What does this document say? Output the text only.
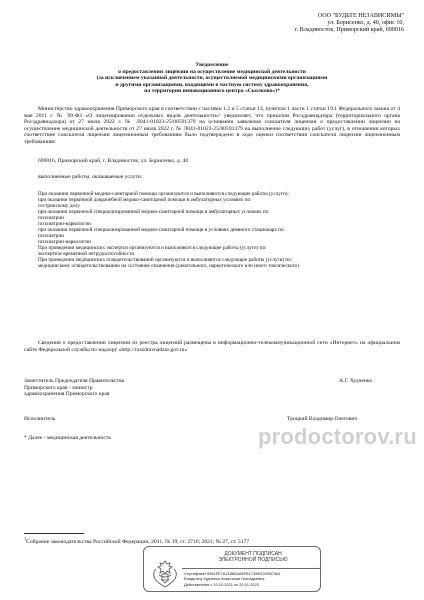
ООО "БУДЬТЕ НЕЗАВИСИМЫ"
ул. Борисенко, д. 40, офис 10,
г. Владивосток, Приморский край, 690016
Уведомление
о предоставлении лицензии на осуществление медицинской деятельности
(за исключением указанной деятельности, осуществляемой медицинскими организациями
и другими организациями, входящими в частную систему здравоохранения,
на территории инновационного центра «Сколково»)*
Министерство здравоохранения Приморского края в соответствии с частями 1.2 и 5 статьи 14, пунктом 1 части 1 статьи 19.1 Федерального закона от 4 мая 2011 г. № 99-ФЗ «О лицензировании отдельных видов деятельности»¹ уведомляет, что приказом Росздравнадзора (территориального органа Росздравнадзора) от 27 июля 2022 г. № Л041-01023-25/00591379 на основании заявления соискателя лицензии о предоставлении лицензии на осуществление медицинской деятельности от 27 июля 2022 г. № Л041-01023-25/00591379 на выполнение следующих работ (услуг), в отношении которых соответствие соискателя лицензии лицензионным требованиям было подтверждено в ходе оценки соответствия соискателя лицензии лицензионным требованиям:
690016, Приморский край, г. Владивосток, ул. Борисенко, д. 40
выполняемые работы, оказываемые услуги:
При оказании первичной медико-санитарной помощи организуются и выполняются следующие работы (услуги):
при оказании первичной доврачебной медико-санитарной помощи в амбулаторных условиях по:
сестринскому делу
при оказании первичной специализированной медико-санитарной помощи в амбулаторных условиях по:
психиатрии
психиатрии-наркологии
при оказании первичной специализированной медико-санитарной помощи в условиях дневного стационара по:
психиатрии
психиатрии-наркологии
При проведении медицинских экспертиз организуются и выполняются следующие работы (услуги) по:
экспертизе временной нетрудоспособности
При проведении медицинских освидетельствований организуются и выполняются следующие работы (услуги) по:
медицинскому освидетельствованию на состояние опьянения (алкогольного, наркотического или иного токсического)
Сведения о предоставлении лицензии из реестра лицензий размещены в информационно-телекоммуникационной сети «Интернет» на официальном сайте Федеральной службы по надзору «http://roszdravnadzor.gov.ru»
Заместитель Председателя Правительства
Приморского края - министр
здравоохранения Приморского края
А.Г. Худченко
Исполнитель	Троцкий Владимир Олегович
* Далее - медицинская деятельность	prodoctorov.ru
$^1$Собрание законодательства Российской Федерации, 2011, № 19, ст. 2716; 2021, № 27, ст. 5177
ДОКУМЕНТ ПОДПИСАН
ЭЛЕКТРОННОЙ ПОДПИСЬЮ
Сертификат 6961FE7A21880AA6FB174940C895C064
Владелец Худченко Анастасия Геннадьевна
Действителен с 20.10.2021 по 20.01.2023
